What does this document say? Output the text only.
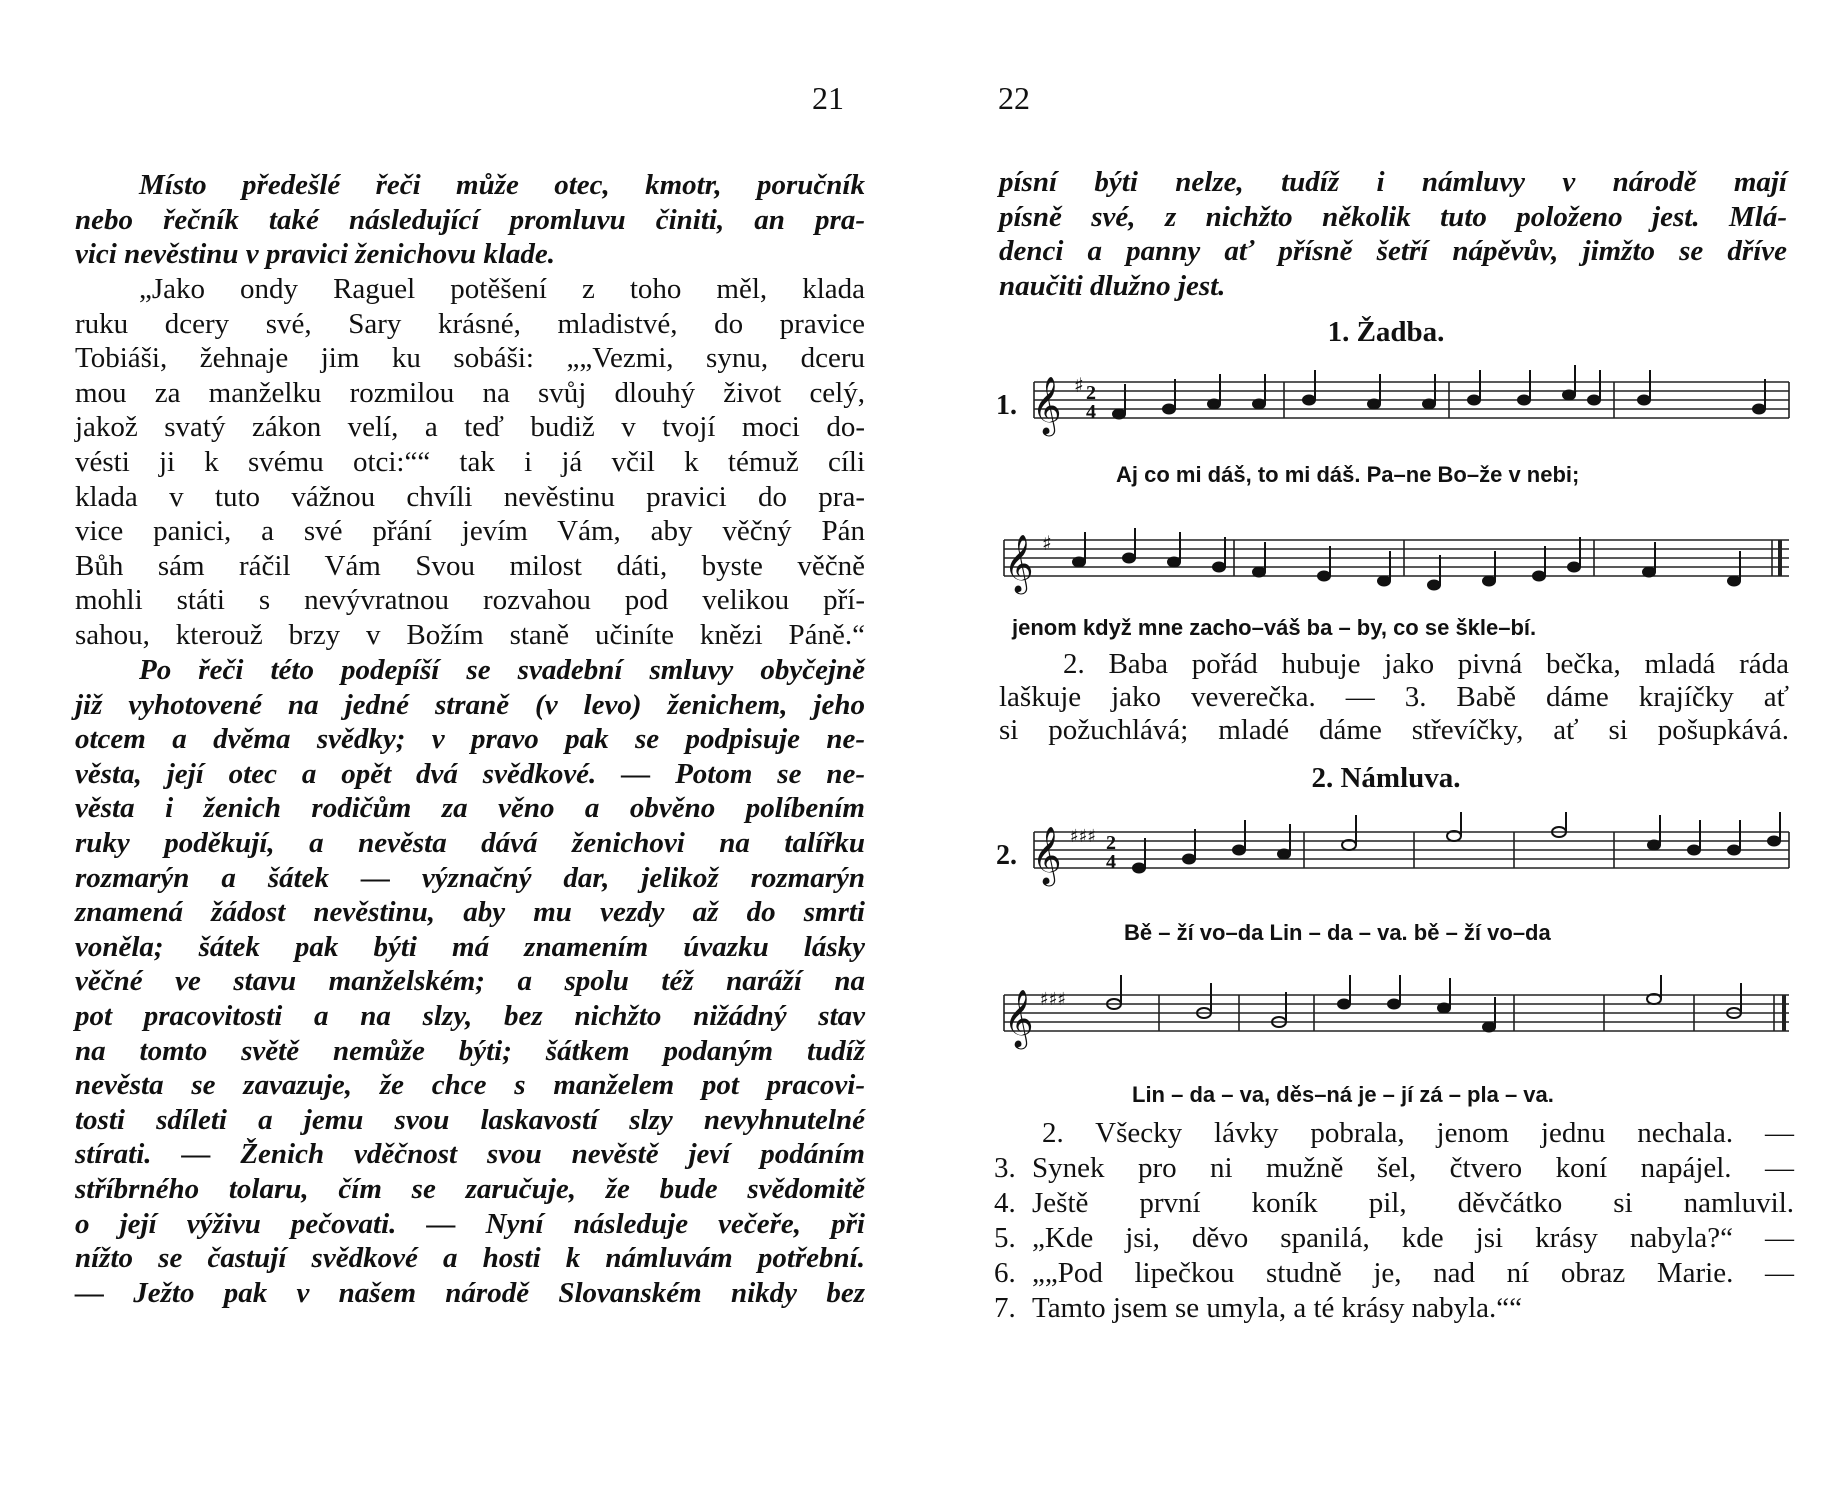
21
Místo předešlé řeči může otec, kmotr, poručník
nebo řečník také následující promluvu činiti, an pra-
vici nevěstinu v pravici ženichovu klade.
„Jako ondy Raguel potěšení z toho měl, klada
ruku dcery své, Sary krásné, mladistvé, do pravice
Tobiáši, žehnaje jim ku sobáši: „„Vezmi, synu, dceru
mou za manželku rozmilou na svůj dlouhý život celý,
jakož svatý zákon velí, a teď budiž v tvojí moci do-
vésti ji k svému otci:““ tak i já včil k témuž cíli
klada v tuto vážnou chvíli nevěstinu pravici do pra-
vice panici, a své přání jevím Vám, aby věčný Pán
Bůh sám ráčil Vám Svou milost dáti, byste věčně
mohli státi s nevývratnou rozvahou pod velikou pří-
sahou, kterouž brzy v Božím staně učiníte knězi Páně.“
Po řeči této podepíší se svadební smluvy obyčejně
již vyhotovené na jedné straně (v levo) ženichem, jeho
otcem a dvěma svědky; v pravo pak se podpisuje ne-
věsta, její otec a opět dvá svědkové. — Potom se ne-
věsta i ženich rodičům za věno a obvěno políbením
ruky poděkují, a nevěsta dává ženichovi na talířku
rozmarýn a šátek — význačný dar, jelikož rozmarýn
znamená žádost nevěstinu, aby mu vezdy až do smrti
voněla; šátek pak býti má znamením úvazku lásky
věčné ve stavu manželském; a spolu též naráží na
pot pracovitosti a na slzy, bez nichžto nižádný stav
na tomto světě nemůže býti; šátkem podaným tudíž
nevěsta se zavazuje, že chce s manželem pot pracovi-
tosti sdíleti a jemu svou laskavostí slzy nevyhnutelné
stírati. — Ženich vděčnost svou nevěstě jeví podáním
stříbrného tolaru, čím se zaručuje, že bude svědomitě
o její výživu pečovati. — Nyní následuje večeře, při
nížto se častují svědkové a hosti k námluvám potřební.
— Ježto pak v našem národě Slovanském nikdy bez
22
písní býti nelze, tudíž i námluvy v národě mají
písně své, z nichžto několik tuto položeno jest. Mlá-
denci a panny ať přísně šetří nápěvův, jimžto se dříve
naučiti dlužno jest.
1. Žadba.
1. 𝄞 ♯ 2
4
Aj co mi dáš, to mi dáš. Pa–ne Bo–že v nebi;
𝄞 ♯
jenom když mne zacho–váš ba – by, co se škle–bí.
2. Baba pořád hubuje jako pivná bečka, mladá ráda
laškuje jako veverečka. — 3. Babě dáme krajíčky ať
si požuchlává; mladé dáme střevíčky, ať si pošupkává.
2. Námluva.
2. 𝄞 ♯♯♯ 2
4
Bě – ží vo–da Lin – da – va. bě – ží vo–da
𝄞 ♯♯♯
Lin – da – va, děs–ná je – jí zá – pla – va.
2. Všecky lávky pobrala, jenom jednu nechala. —
3. Synek pro ni mužně šel, čtvero koní napájel. —
4. Ještě první koník pil, děvčátko si namluvil.
5. „Kde jsi, děvo spanilá, kde jsi krásy nabyla?“ —
6. „„Pod lipečkou studně je, nad ní obraz Marie. —
7. Tamto jsem se umyla, a té krásy nabyla.““
